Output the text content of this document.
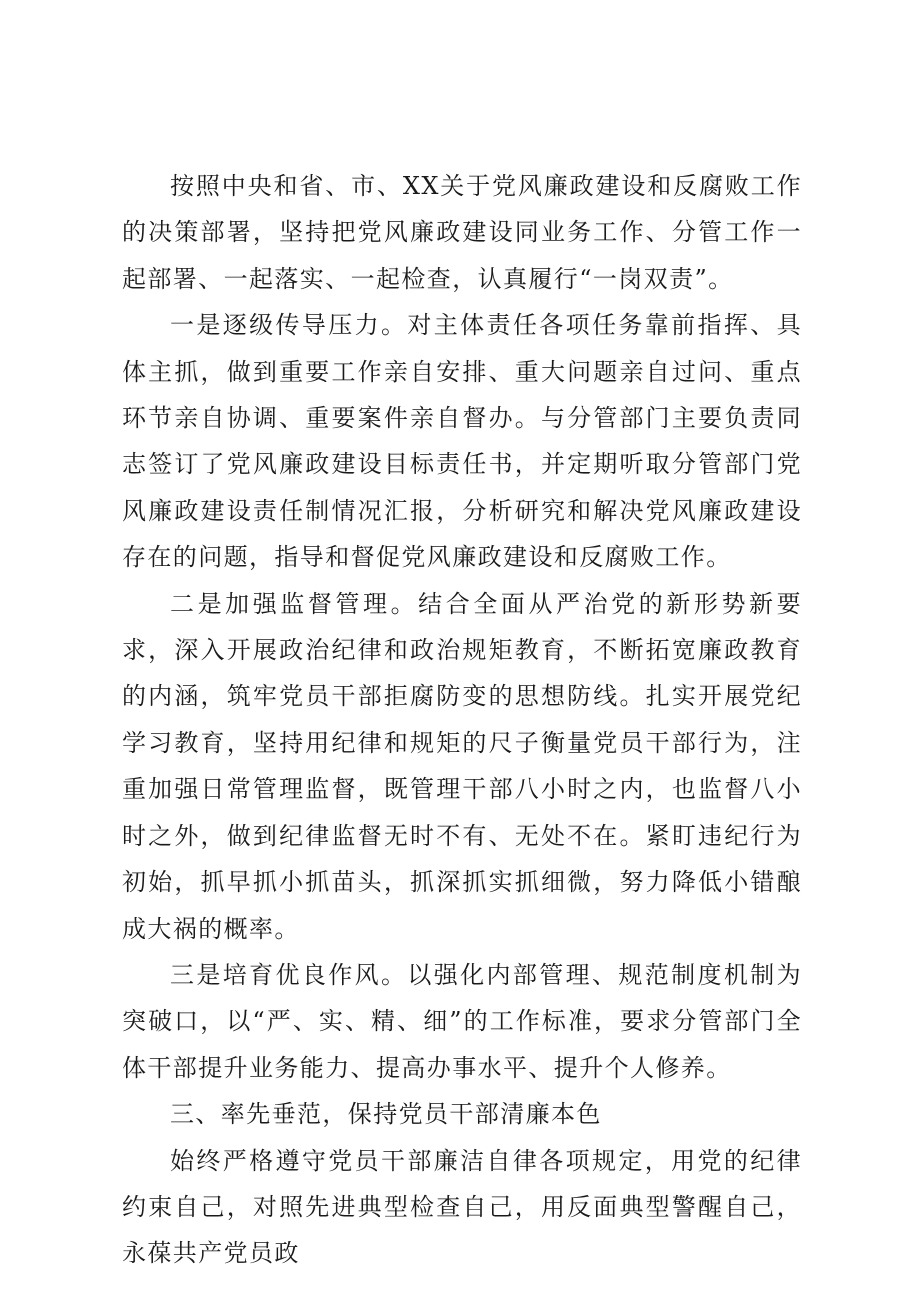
按照中央和省、市、XX关于党风廉政建设和反腐败工作的决策部署，坚持把党风廉政建设同业务工作、分管工作一起部署、一起落实、一起检查，认真履行“一岗双责”。

一是逐级传导压力。对主体责任各项任务靠前指挥、具体主抓，做到重要工作亲自安排、重大问题亲自过问、重点环节亲自协调、重要案件亲自督办。与分管部门主要负责同志签订了党风廉政建设目标责任书，并定期听取分管部门党风廉政建设责任制情况汇报，分析研究和解决党风廉政建设存在的问题，指导和督促党风廉政建设和反腐败工作。

二是加强监督管理。结合全面从严治党的新形势新要求，深入开展政治纪律和政治规矩教育，不断拓宽廉政教育的内涵，筑牢党员干部拒腐防变的思想防线。扎实开展党纪学习教育，坚持用纪律和规矩的尺子衡量党员干部行为，注重加强日常管理监督，既管理干部八小时之内，也监督八小时之外，做到纪律监督无时不有、无处不在。紧盯违纪行为初始，抓早抓小抓苗头，抓深抓实抓细微，努力降低小错酿成大祸的概率。

三是培育优良作风。以强化内部管理、规范制度机制为突破口，以“严、实、精、细”的工作标准，要求分管部门全体干部提升业务能力、提高办事水平、提升个人修养。

三、率先垂范，保持党员干部清廉本色

始终严格遵守党员干部廉洁自律各项规定，用党的纪律约束自己，对照先进典型检查自己，用反面典型警醒自己，永葆共产党员政
